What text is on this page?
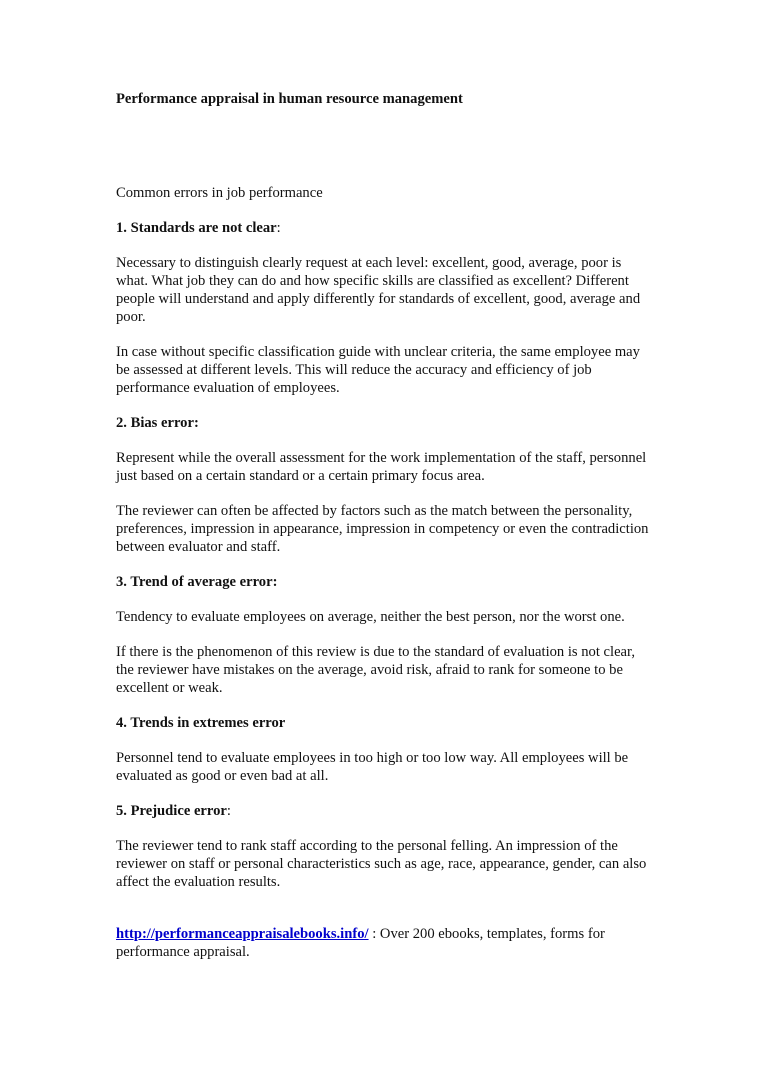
Performance appraisal in human resource management
Common errors in job performance
1. Standards are not clear:

Necessary to distinguish clearly request at each level: excellent, good, average, poor is what. What job they can do and how specific skills are classified as excellent? Different people will understand and apply differently for standards of excellent, good, average and poor.

In case without specific classification guide with unclear criteria, the same employee may be assessed at different levels. This will reduce the accuracy and efficiency of job performance evaluation of employees.

2. Bias error:

Represent while the overall assessment for the work implementation of the staff, personnel just based on a certain standard or a certain primary focus area.

The reviewer can often be affected by factors such as the match between the personality, preferences, impression in appearance, impression in competency or even the contradiction between evaluator and staff.

3. Trend of average error:

Tendency to evaluate employees on average, neither the best person, nor the worst one.

If there is the phenomenon of this review is due to the standard of evaluation is not clear, the reviewer have mistakes on the average, avoid risk, afraid to rank for someone to be excellent or weak.

4. Trends in extremes error

Personnel tend to evaluate employees in too high or too low way. All employees will be evaluated as good or even bad at all.

5. Prejudice error:

The reviewer tend to rank staff according to the personal felling. An impression of the reviewer on staff or personal characteristics such as age, race, appearance, gender, can also affect the evaluation results.

http://performanceappraisalebooks.info/ : Over 200 ebooks, templates, forms for performance appraisal.
